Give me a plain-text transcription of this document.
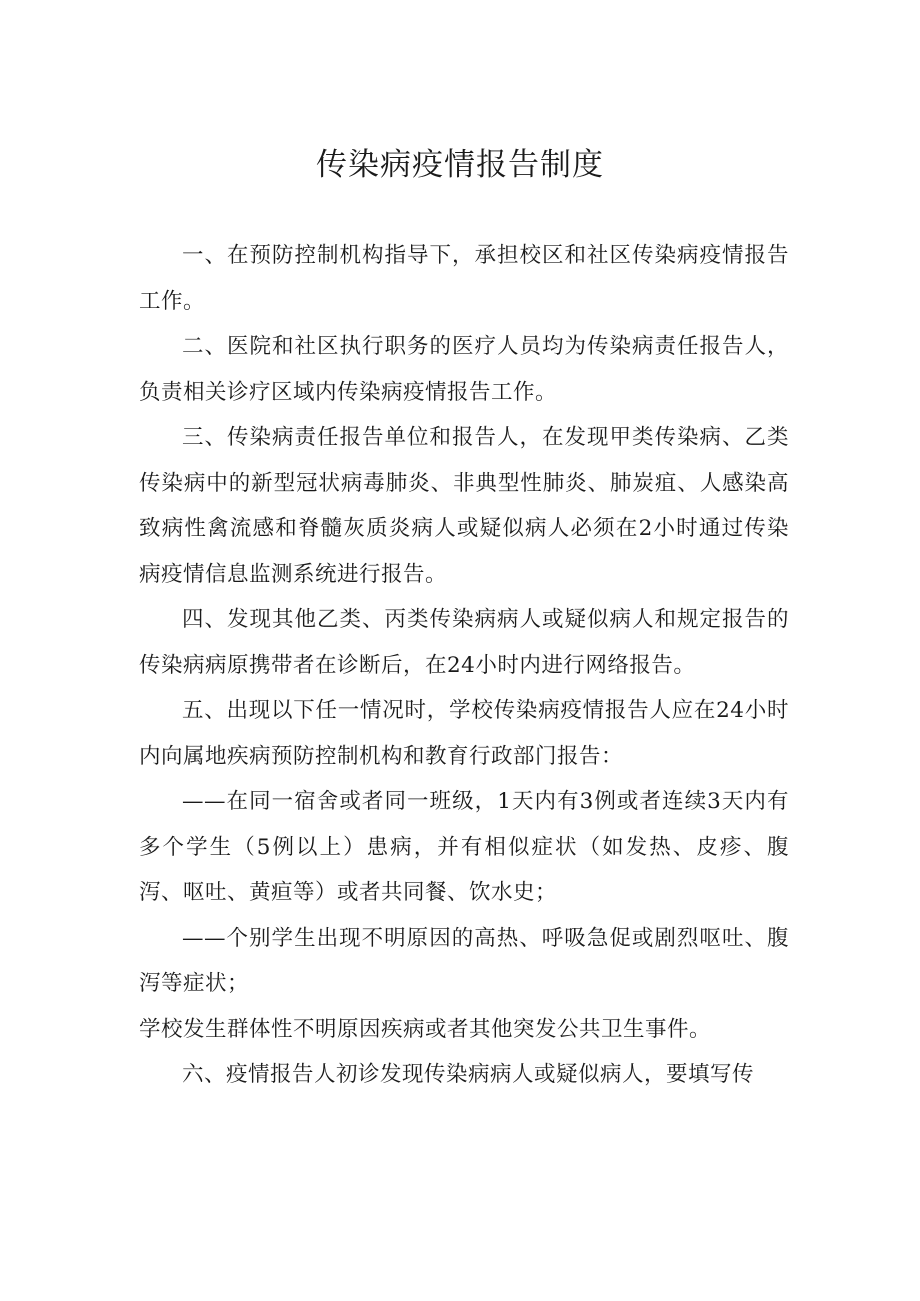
传染病疫情报告制度

一、在预防控制机构指导下，承担校区和社区传染病疫情报告工作。

二、医院和社区执行职务的医疗人员均为传染病责任报告人，负责相关诊疗区域内传染病疫情报告工作。

三、传染病责任报告单位和报告人，在发现甲类传染病、乙类传染病中的新型冠状病毒肺炎、非典型性肺炎、肺炭疽、人感染高致病性禽流感和脊髓灰质炎病人或疑似病人必须在2小时通过传染病疫情信息监测系统进行报告。

四、发现其他乙类、丙类传染病病人或疑似病人和规定报告的传染病病原携带者在诊断后，在24小时内进行网络报告。

五、出现以下任一情况时，学校传染病疫情报告人应在24小时内向属地疾病预防控制机构和教育行政部门报告：

——在同一宿舍或者同一班级，1天内有3例或者连续3天内有多个学生（5例以上）患病，并有相似症状（如发热、皮疹、腹泻、呕吐、黄疸等）或者共同餐、饮水史；

——个别学生出现不明原因的高热、呼吸急促或剧烈呕吐、腹泻等症状；

学校发生群体性不明原因疾病或者其他突发公共卫生事件。

六、疫情报告人初诊发现传染病病人或疑似病人，要填写传
